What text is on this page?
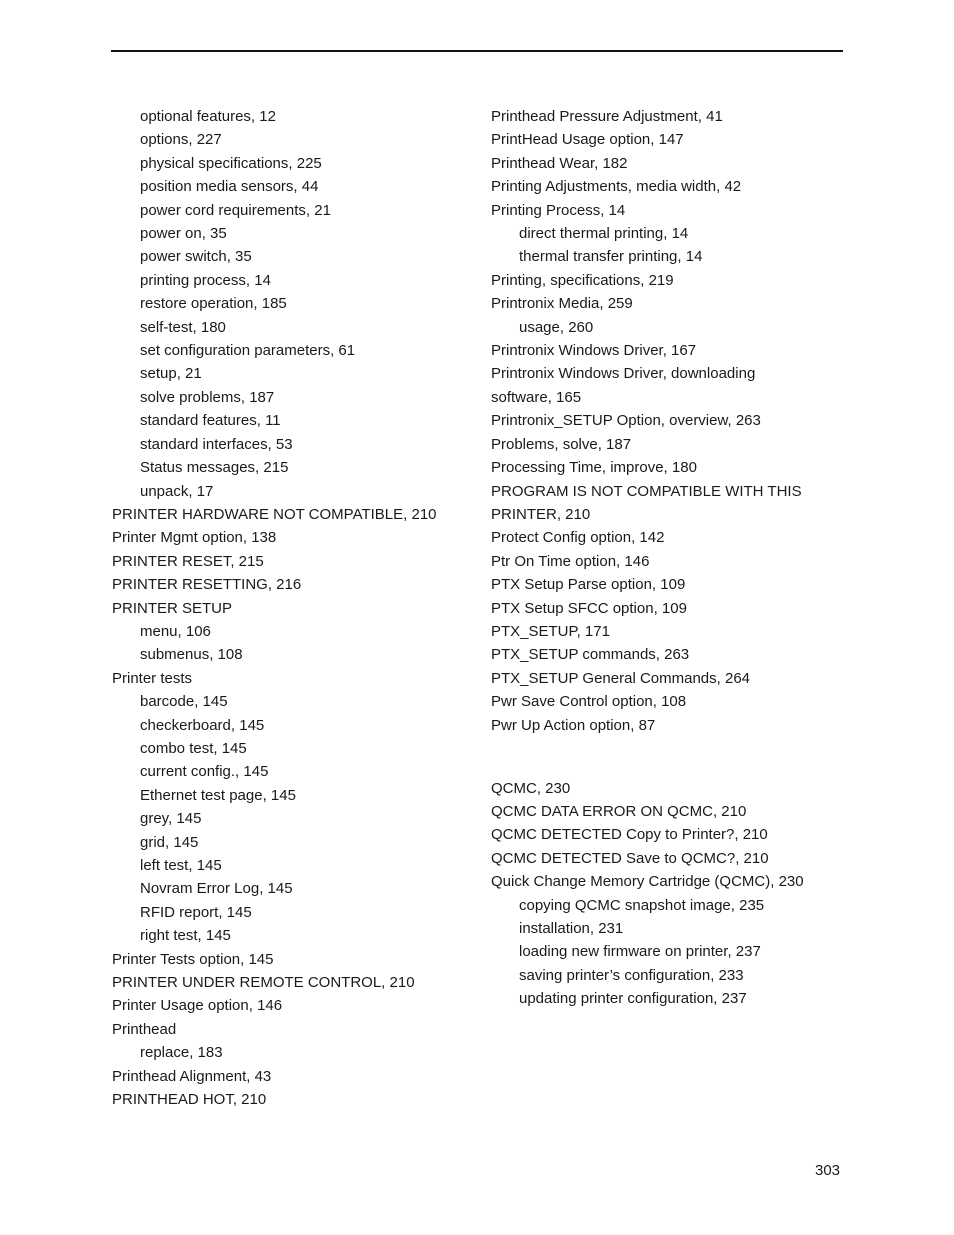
optional features, 12
options, 227
physical specifications, 225
position media sensors, 44
power cord requirements, 21
power on, 35
power switch, 35
printing process, 14
restore operation, 185
self-test, 180
set configuration parameters, 61
setup, 21
solve problems, 187
standard features, 11
standard interfaces, 53
Status messages, 215
unpack, 17
PRINTER HARDWARE NOT COMPATIBLE, 210
Printer Mgmt option, 138
PRINTER RESET, 215
PRINTER RESETTING, 216
PRINTER SETUP
menu, 106
submenus, 108
Printer tests
barcode, 145
checkerboard, 145
combo test, 145
current config., 145
Ethernet test page, 145
grey, 145
grid, 145
left test, 145
Novram Error Log, 145
RFID report, 145
right test, 145
Printer Tests option, 145
PRINTER UNDER REMOTE CONTROL, 210
Printer Usage option, 146
Printhead
replace, 183
Printhead Alignment, 43
PRINTHEAD HOT, 210
Printhead Pressure Adjustment, 41
PrintHead Usage option, 147
Printhead Wear, 182
Printing Adjustments, media width, 42
Printing Process, 14
direct thermal printing, 14
thermal transfer printing, 14
Printing, specifications, 219
Printronix Media, 259
usage, 260
Printronix Windows Driver, 167
Printronix Windows Driver, downloading
software, 165
Printronix_SETUP Option, overview, 263
Problems, solve, 187
Processing Time, improve, 180
PROGRAM IS NOT COMPATIBLE WITH THIS
PRINTER, 210
Protect Config option, 142
Ptr On Time option, 146
PTX Setup Parse option, 109
PTX Setup SFCC option, 109
PTX_SETUP, 171
PTX_SETUP commands, 263
PTX_SETUP General Commands, 264
Pwr Save Control option, 108
Pwr Up Action option, 87
QCMC, 230
QCMC DATA ERROR ON QCMC, 210
QCMC DETECTED Copy to Printer?, 210
QCMC DETECTED Save to QCMC?, 210
Quick Change Memory Cartridge (QCMC), 230
copying QCMC snapshot image, 235
installation, 231
loading new firmware on printer, 237
saving printer’s configuration, 233
updating printer configuration, 237
303
